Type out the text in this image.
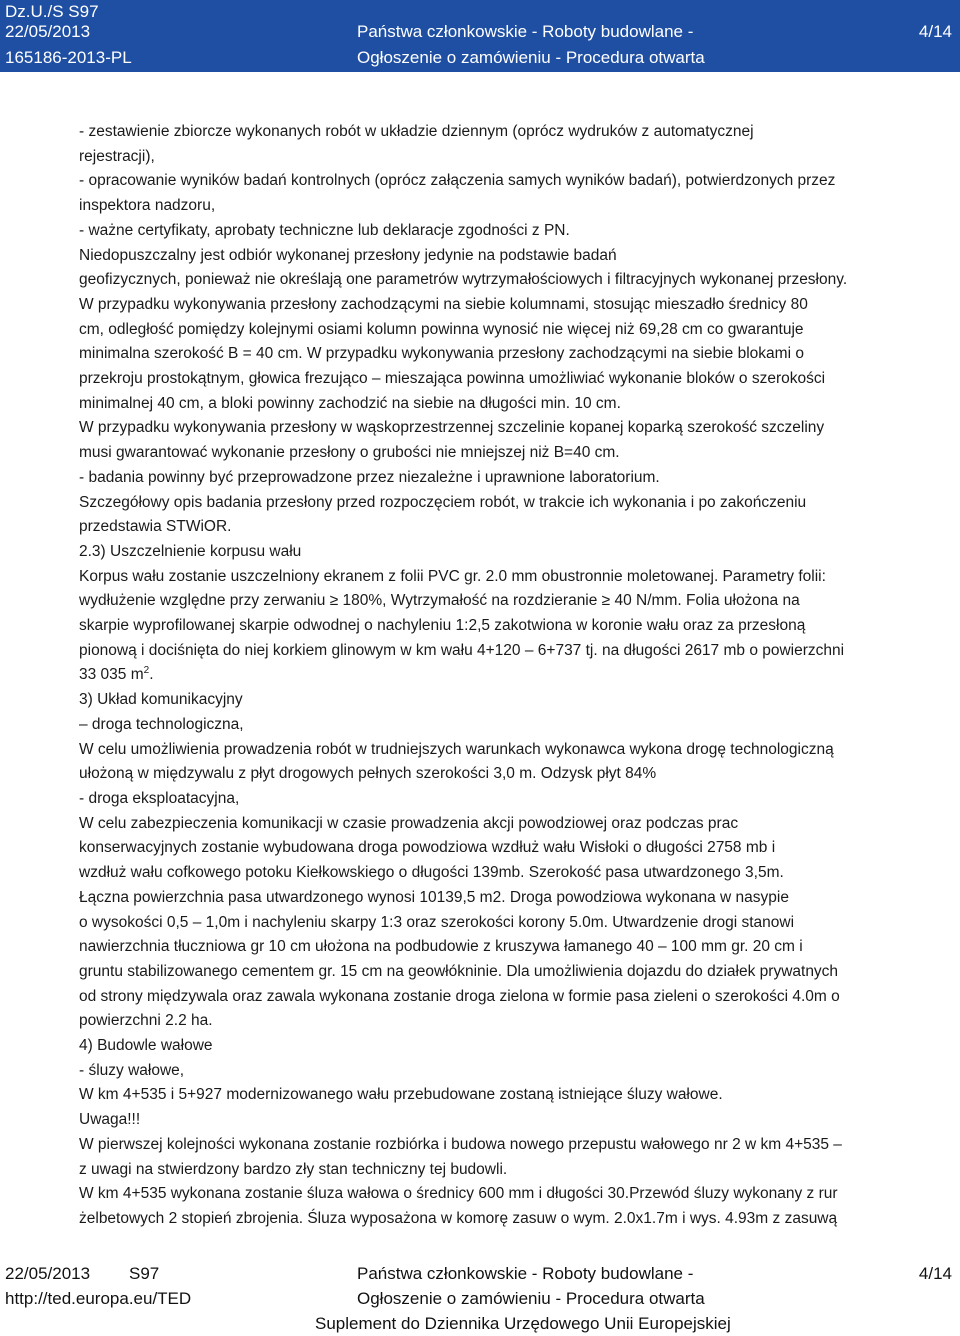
Dz.U./S S97
22/05/2013
165186-2013-PL
Państwa członkowskie - Roboty budowlane -
Ogłoszenie o zamówieniu - Procedura otwarta
4/14
- zestawienie zbiorcze wykonanych robót w układzie dziennym (oprócz wydruków z automatycznej
rejestracji),
- opracowanie wyników badań kontrolnych (oprócz załączenia samych wyników badań), potwierdzonych przez
inspektora nadzoru,
- ważne certyfikaty, aprobaty techniczne lub deklaracje zgodności z PN.
Niedopuszczalny jest odbiór wykonanej przesłony jedynie na podstawie badań
geofizycznych, ponieważ nie określają one parametrów wytrzymałościowych i filtracyjnych wykonanej przesłony.
W przypadku wykonywania przesłony zachodzącymi na siebie kolumnami, stosując mieszadło średnicy 80
cm, odległość pomiędzy kolejnymi osiami kolumn powinna wynosić nie więcej niż 69,28 cm co gwarantuje
minimalna szerokość B = 40 cm. W przypadku wykonywania przesłony zachodzącymi na siebie blokami o
przekroju prostokątnym, głowica frezująco – mieszająca powinna umożliwiać wykonanie bloków o szerokości
minimalnej 40 cm, a bloki powinny zachodzić na siebie na długości min. 10 cm.
W przypadku wykonywania przesłony w wąskoprzestrzennej szczelinie kopanej koparką szerokość szczeliny
musi gwarantować wykonanie przesłony o grubości nie mniejszej niż B=40 cm.
- badania powinny być przeprowadzone przez niezależne i uprawnione laboratorium.
Szczegółowy opis badania przesłony przed rozpoczęciem robót, w trakcie ich wykonania i po zakończeniu
przedstawia STWiOR.
2.3) Uszczelnienie korpusu wału
Korpus wału zostanie uszczelniony ekranem z folii PVC gr. 2.0 mm obustronnie moletowanej. Parametry folii:
wydłużenie względne przy zerwaniu ≥ 180%, Wytrzymałość na rozdzieranie ≥ 40 N/mm. Folia ułożona na
skarpie wyprofilowanej skarpie odwodnej o nachyleniu 1:2,5 zakotwiona w koronie wału oraz za przesłoną
pionową i dociśnięta do niej korkiem glinowym w km wału 4+120 – 6+737 tj. na długości 2617 mb o powierzchni
33 035 $m^2$.
3) Układ komunikacyjny
– droga technologiczna,
W celu umożliwienia prowadzenia robót w trudniejszych warunkach wykonawca wykona drogę technologiczną
ułożoną w międzywalu z płyt drogowych pełnych szerokości 3,0 m. Odzysk płyt 84%
- droga eksploatacyjna,
W celu zabezpieczenia komunikacji w czasie prowadzenia akcji powodziowej oraz podczas prac
konserwacyjnych zostanie wybudowana droga powodziowa wzdłuż wału Wisłoki o długości 2758 mb i
wzdłuż wału cofkowego potoku Kiełkowskiego o długości 139mb. Szerokość pasa utwardzonego 3,5m.
Łączna powierzchnia pasa utwardzonego wynosi 10139,5 m2. Droga powodziowa wykonana w nasypie
o wysokości 0,5 – 1,0m i nachyleniu skarpy 1:3 oraz szerokości korony 5.0m. Utwardzenie drogi stanowi
nawierzchnia tłuczniowa gr 10 cm ułożona na podbudowie z kruszywa łamanego 40 – 100 mm gr. 20 cm i
gruntu stabilizowanego cementem gr. 15 cm na geowłókninie. Dla umożliwienia dojazdu do działek prywatnych
od strony międzywala oraz zawala wykonana zostanie droga zielona w formie pasa zieleni o szerokości 4.0m o
powierzchni 2.2 ha.
4) Budowle wałowe
- śluzy wałowe,
W km 4+535 i 5+927 modernizowanego wału przebudowane zostaną istniejące śluzy wałowe.
Uwaga!!!
W pierwszej kolejności wykonana zostanie rozbiórka i budowa nowego przepustu wałowego nr 2 w km 4+535 –
z uwagi na stwierdzony bardzo zły stan techniczny tej budowli.
W km 4+535 wykonana zostanie śluza wałowa o średnicy 600 mm i długości 30.Przewód śluzy wykonany z rur
żelbetowych 2 stopień zbrojenia. Śluza wyposażona w komorę zasuw o wym. 2.0x1.7m i wys. 4.93m z zasuwą
22/05/2013 S97
http://ted.europa.eu/TED
Państwa członkowskie - Roboty budowlane -
Ogłoszenie o zamówieniu - Procedura otwarta
Suplement do Dziennika Urzędowego Unii Europejskiej
4/14
